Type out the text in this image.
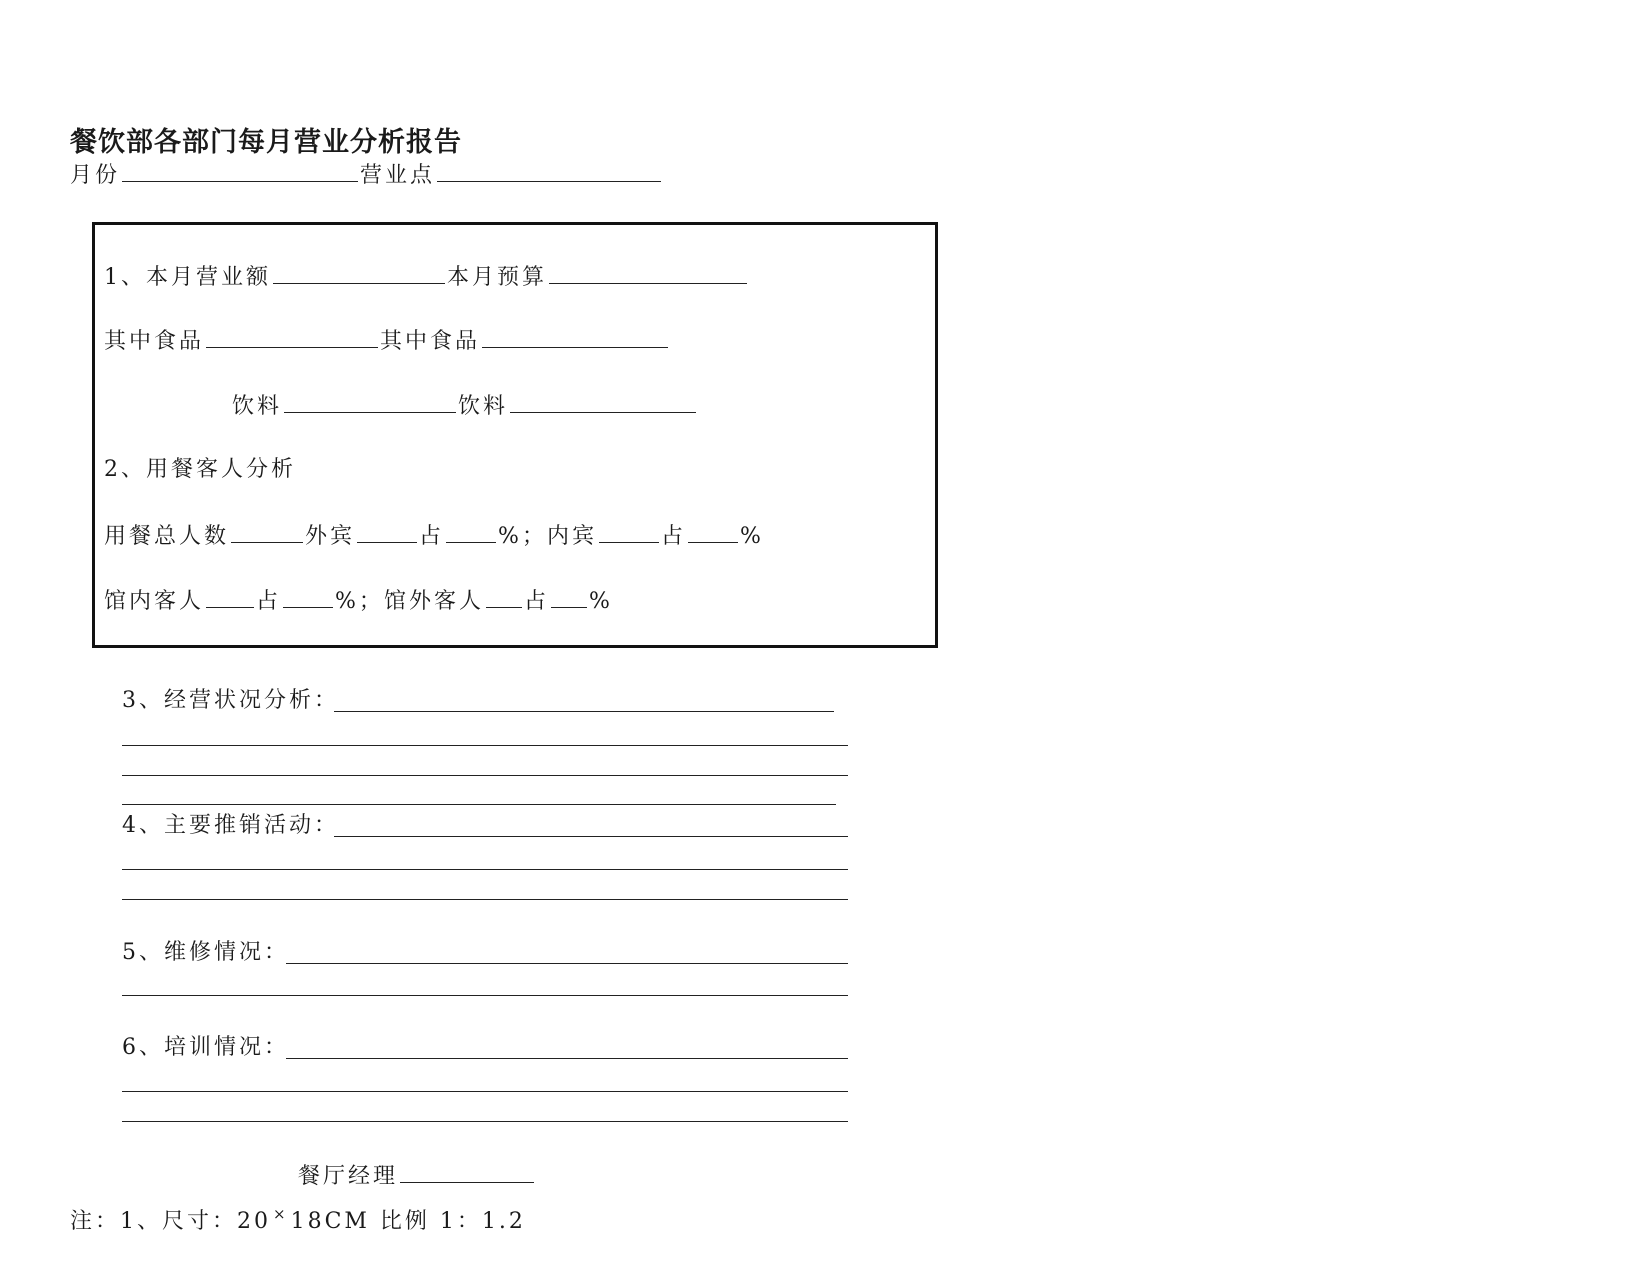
餐饮部各部门每月营业分析报告
月份	营业点
1、本月营业额	本月预算
其中食品	其中食品
饮料	饮料
2、用餐客人分析
用餐总人数	外宾	占 %；内宾	占 %
馆内客人 占 %；馆外客人 占 %
3、经营状况分析：
4、主要推销活动：
5、维修情况：
6、培训情况：
餐厅经理
注：1、尺寸：20 ×18CM 比例 1：1.2
